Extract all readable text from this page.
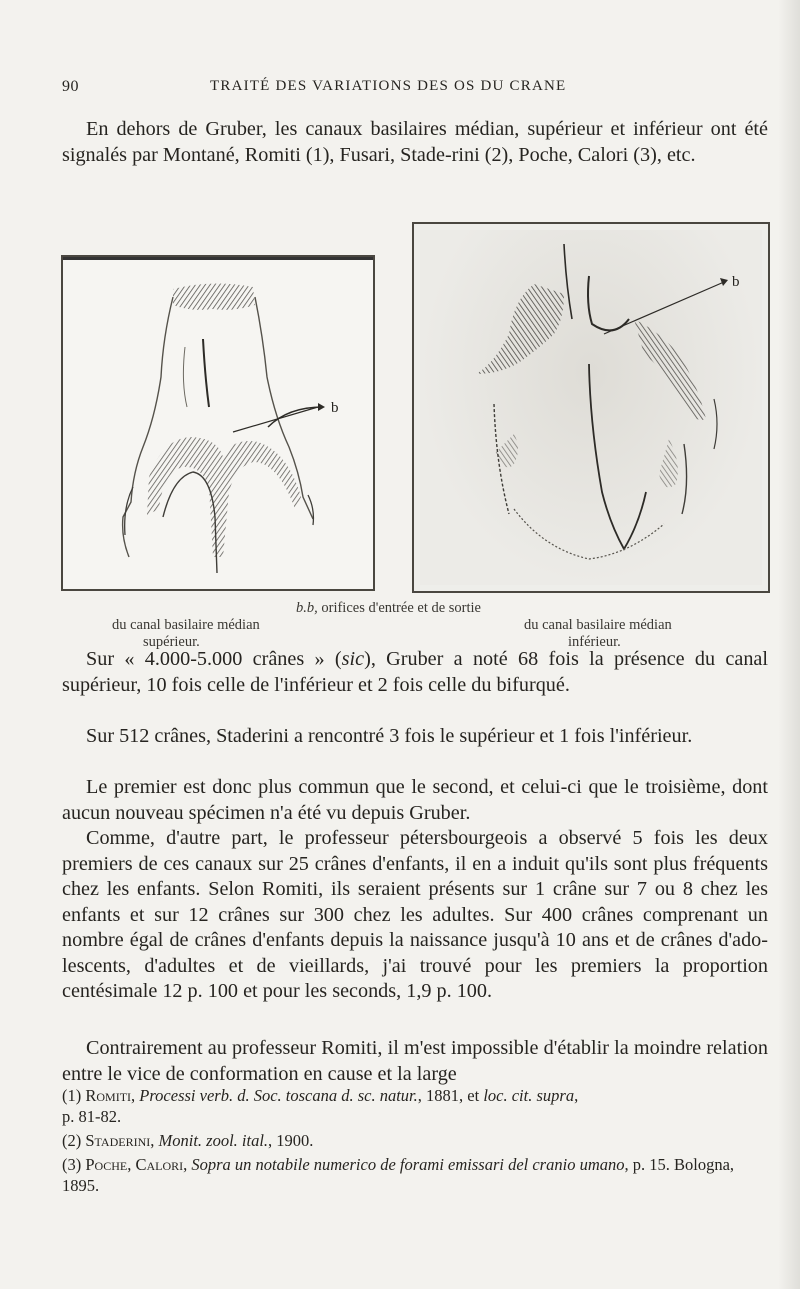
90	TRAITÉ DES VARIATIONS DES OS DU CRANE

En dehors de Gruber, les canaux basilaires médian, supérieur et inférieur ont été signalés par Montané, Romiti (1), Fusari, Stade-rini (2), Poche, Calori (3), etc.

b
b
b.b, orifices d'entrée et de sortie
du canal basilaire médian
supérieur.
du canal basilaire médian
inférieur.

Sur « 4.000-5.000 crânes » (sic), Gruber a noté 68 fois la présence du canal supérieur, 10 fois celle de l'inférieur et 2 fois celle du bifurqué.

Sur 512 crânes, Staderini a rencontré 3 fois le supérieur et 1 fois l'inférieur.

Le premier est donc plus commun que le second, et celui-ci que le troisième, dont aucun nouveau spécimen n'a été vu depuis Gruber.

Comme, d'autre part, le professeur pétersbourgeois a observé 5 fois les deux premiers de ces canaux sur 25 crânes d'enfants, il en a induit qu'ils sont plus fréquents chez les enfants. Selon Romiti, ils seraient présents sur 1 crâne sur 7 ou 8 chez les enfants et sur 12 crânes sur 300 chez les adultes. Sur 400 crânes comprenant un nombre égal de crânes d'enfants depuis la naissance jusqu'à 10 ans et de crânes d'ado-lescents, d'adultes et de vieillards, j'ai trouvé pour les premiers la proportion centésimale 12 p. 100 et pour les seconds, 1,9 p. 100.

Contrairement au professeur Romiti, il m'est impossible d'établir la moindre relation entre le vice de conformation en cause et la large

(1) Romiti, Processi verb. d. Soc. toscana d. sc. natur., 1881, et loc. cit. supra,
p. 81-82.
(2) Staderini, Monit. zool. ital., 1900.
(3) Poche, Calori, Sopra un notabile numerico de forami emissari del cranio umano, p. 15. Bologna, 1895.
